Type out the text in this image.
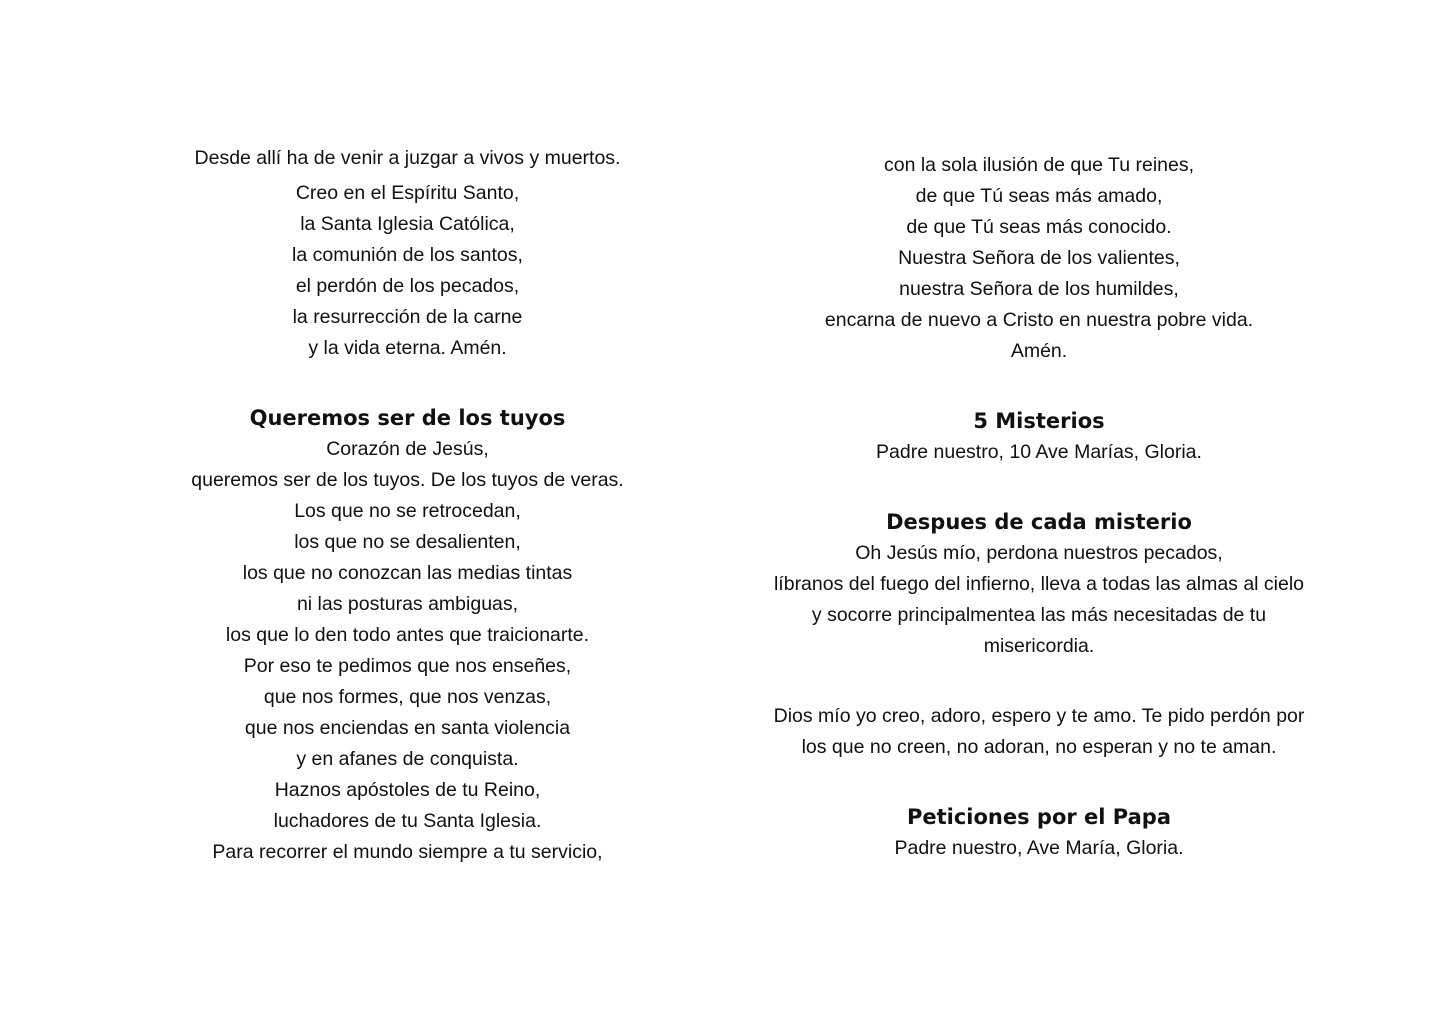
Desde allí ha de venir a juzgar a vivos y muertos.
Creo en el Espíritu Santo,
la Santa Iglesia Católica,
la comunión de los santos,
el perdón de los pecados,
la resurrección de la carne
y la vida eterna. Amén.
Queremos ser de los tuyos
Corazón de Jesús,
queremos ser de los tuyos. De los tuyos de veras.
Los que no se retrocedan,
los que no se desalienten,
los que no conozcan las medias tintas
ni las posturas ambiguas,
los que lo den todo antes que traicionarte.
Por eso te pedimos que nos enseñes,
que nos formes, que nos venzas,
que nos enciendas en santa violencia
y en afanes de conquista.
Haznos apóstoles de tu Reino,
luchadores de tu Santa Iglesia.
Para recorrer el mundo siempre a tu servicio,
con la sola ilusión de que Tu reines,
de que Tú seas más amado,
de que Tú seas más conocido.
Nuestra Señora de los valientes,
nuestra Señora de los humildes,
encarna de nuevo a Cristo en nuestra pobre vida.
Amén.
5 Misterios
Padre nuestro, 10 Ave Marías, Gloria.
Despues de cada misterio
Oh Jesús mío, perdona nuestros pecados,
líbranos del fuego del infierno, lleva a todas las almas al cielo
y socorre principalmentea las más necesitadas de tu
misericordia.
Dios mío yo creo, adoro, espero y te amo. Te pido perdón por
los que no creen, no adoran, no esperan y no te aman.
Peticiones por el Papa
Padre nuestro, Ave María, Gloria.
